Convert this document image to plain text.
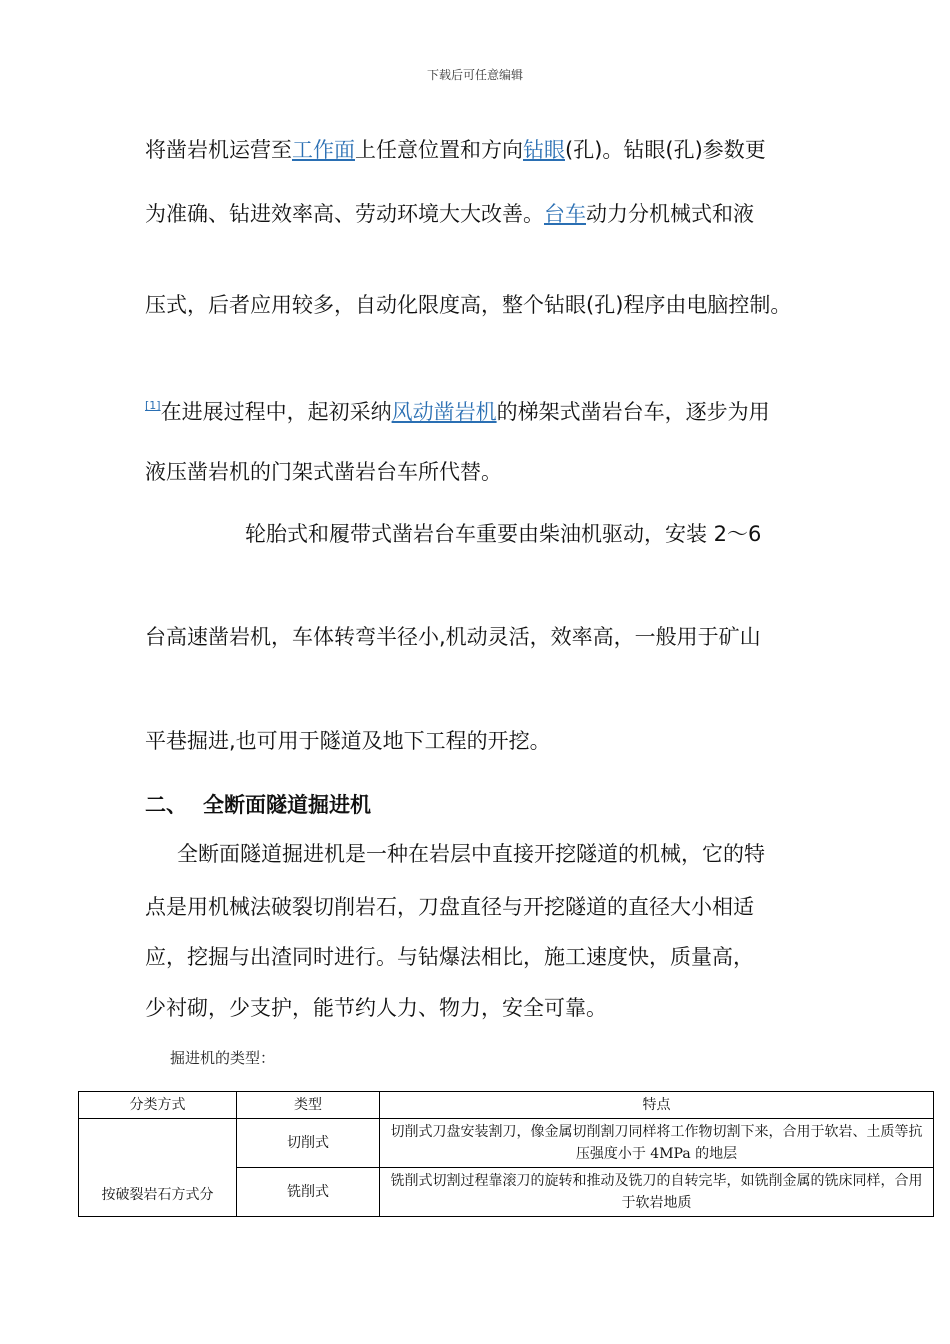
下载后可任意编辑
将凿岩机运营至工作面上任意位置和方向钻眼(孔)。钻眼(孔)参数更
为准确、钻进效率高、劳动环境大大改善。台车动力分机械式和液
压式，后者应用较多，自动化限度高，整个钻眼(孔)程序由电脑控制。
[1]在进展过程中，起初采纳风动凿岩机的梯架式凿岩台车，逐步为用
液压凿岩机的门架式凿岩台车所代替。
轮胎式和履带式凿岩台车重要由柴油机驱动，安装 2～6
台高速凿岩机，车体转弯半径小,机动灵活，效率高，一般用于矿山
平巷掘进,也可用于隧道及地下工程的开挖。
二、 全断面隧道掘进机
全断面隧道掘进机是一种在岩层中直接开挖隧道的机械，它的特
点是用机械法破裂切削岩石，刀盘直径与开挖隧道的直径大小相适
应，挖掘与出渣同时进行。与钻爆法相比，施工速度快，质量高，
少衬砌，少支护，能节约人力、物力，安全可靠。
掘进机的类型：
分类方式	类型	特点
按破裂岩石方式分	切削式	切削式刀盘安装割刀，像金属切削割刀同样将工作物切割下来，合用于软岩、土质等抗压强度小于 4MPa 的地层
	铣削式	铣削式切割过程靠滚刀的旋转和推动及铣刀的自转完毕，如铣削金属的铣床同样，合用于软岩地质
